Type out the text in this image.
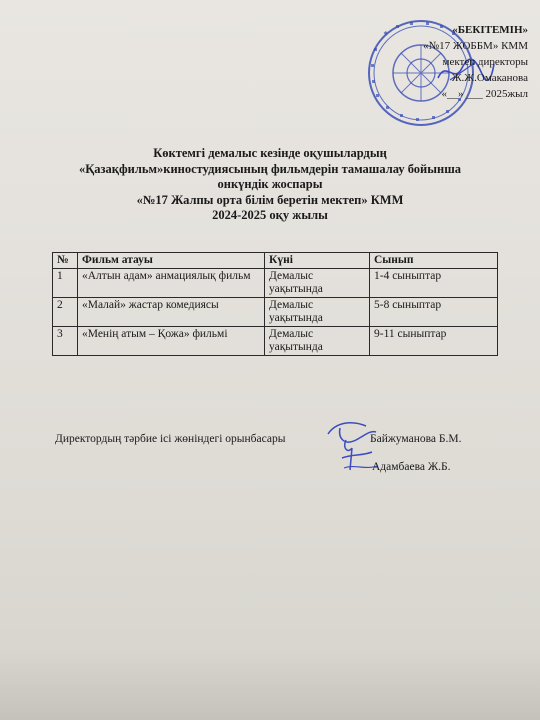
«БЕКІТЕМІН»
«№17 ЖОББМ» КММ
мектеп директоры
Ж.Ж.Омаканова
«__» ___ 2025жыл
Көктемгі демалыс кезінде оқушылардың
«Қазақфильм»киностудиясының фильмдерін тамашалау бойынша
онкүндік жоспары
«№17 Жалпы орта білім беретін мектеп» КММ
2024-2025 оқу жылы
№	Фильм атауы	Күні	Сынып
1	«Алтын адам» анмациялық фильм	Демалыс уақытында	1-4 сыныптар
2	«Малай» жастар комедиясы	Демалыс уақытында	5-8 сыныптар
3	«Менің атым – Қожа» фильмі	Демалыс уақытында	9-11 сыныптар
Директордың тәрбие ісі жөніндегі орынбасары	Байжуманова Б.М.
Адамбаева Ж.Б.
